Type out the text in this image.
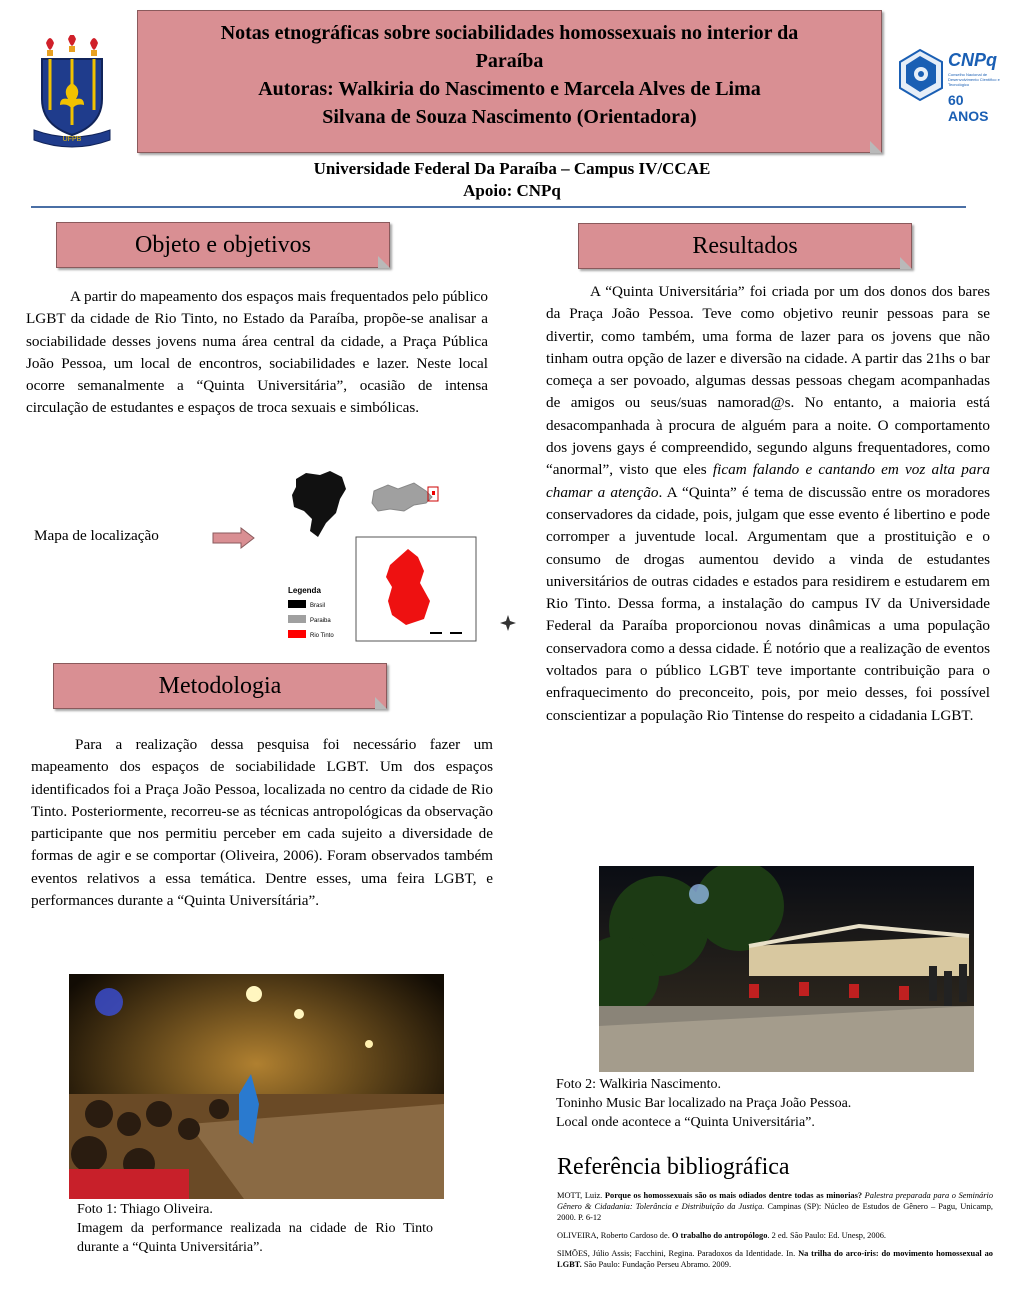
UFPB
Notas etnográficas sobre sociabilidades homossexuais no interior da
Paraíba
Autoras: Walkiria do Nascimento e Marcela Alves de Lima
Silvana de Souza Nascimento (Orientadora)
CNPq
Conselho Nacional de Desenvolvimento Científico e Tecnológico
60 ANOS
Universidade Federal Da Paraíba – Campus IV/CCAE
Apoio: CNPq
Objeto e objetivos

A partir do mapeamento dos espaços mais frequentados pelo público LGBT da cidade de Rio Tinto, no Estado da Paraíba, propõe-se analisar a sociabilidade desses jovens numa área central da cidade, a Praça Pública João Pessoa, um local de encontros, sociabilidades e lazer. Neste local ocorre semanalmente a “Quinta Universitária”, ocasião de intensa circulação de estudantes e espaços de troca sexuais e simbólicas.

Mapa de localização
Legenda
Brasil
Paraiba
Rio Tinto
Metodologia

Para a realização dessa pesquisa foi necessário fazer um mapeamento dos espaços de sociabilidade LGBT. Um dos espaços identificados foi a Praça João Pessoa, localizada no centro da cidade de Rio Tinto. Posteriormente, recorreu-se as técnicas antropológicas da observação participante que nos permitiu perceber em cada sujeito a diversidade de formas de agir e se comportar (Oliveira, 2006). Foram observados também eventos relativos a essa temática. Dentre esses, uma feira LGBT, e performances durante a “Quinta Universítária”.

Foto 1: Thiago Oliveira.
Imagem da performance realizada na cidade de Rio Tinto durante a “Quinta Universitária”.
Resultados

A “Quinta Universitária” foi criada por um dos donos dos bares da Praça João Pessoa. Teve como objetivo reunir pessoas para se divertir, como também, uma forma de lazer para os jovens que não tinham outra opção de lazer e diversão na cidade. A partir das 21hs o bar começa a ser povoado, algumas dessas pessoas chegam acompanhadas de amigos ou seus/suas namorad@s. No entanto, a maioria está desacompanhada à procura de alguém para a noite. O comportamento dos jovens gays é compreendido, segundo alguns frequentadores, como “anormal”, visto que eles ficam falando e cantando em voz alta para chamar a atenção. A “Quinta” é tema de discussão entre os moradores conservadores da cidade, pois, julgam que esse evento é libertino e pode corromper a juventude local. Argumentam que a prostituição e o consumo de drogas aumentou devido a vinda de estudantes universitários de outras cidades e estados para residirem e estudarem em Rio Tinto. Dessa forma, a instalação do campus IV da Universidade Federal da Paraíba proporcionou novas dinâmicas a uma população conservadora como a dessa cidade. É notório que a realização de eventos voltados para o público LGBT teve importante contribuição para o enfraquecimento do preconceito, pois, por meio desses, foi possível conscientizar a população Rio Tintense do respeito a cidadania LGBT.

Foto 2: Walkiria Nascimento.
Toninho Music Bar localizado na Praça João Pessoa.
Local onde acontece a “Quinta Universitária”.
Referência bibliográfica

MOTT, Luiz. Porque os homossexuais são os mais odiados dentre todas as minorias? Palestra preparada para o Seminário Gênero & Cidadania: Tolerância e Distribuição da Justiça. Campinas (SP): Núcleo de Estudos de Gênero – Pagu, Unicamp, 2000. P. 6-12

OLIVEIRA, Roberto Cardoso de. O trabalho do antropólogo. 2 ed. São Paulo: Ed. Unesp, 2006.

SIMÕES, Júlio Assis; Facchini, Regina. Paradoxos da Identidade. In. Na trilha do arco-íris: do movimento homossexual ao LGBT. São Paulo: Fundação Perseu Abramo. 2009.
